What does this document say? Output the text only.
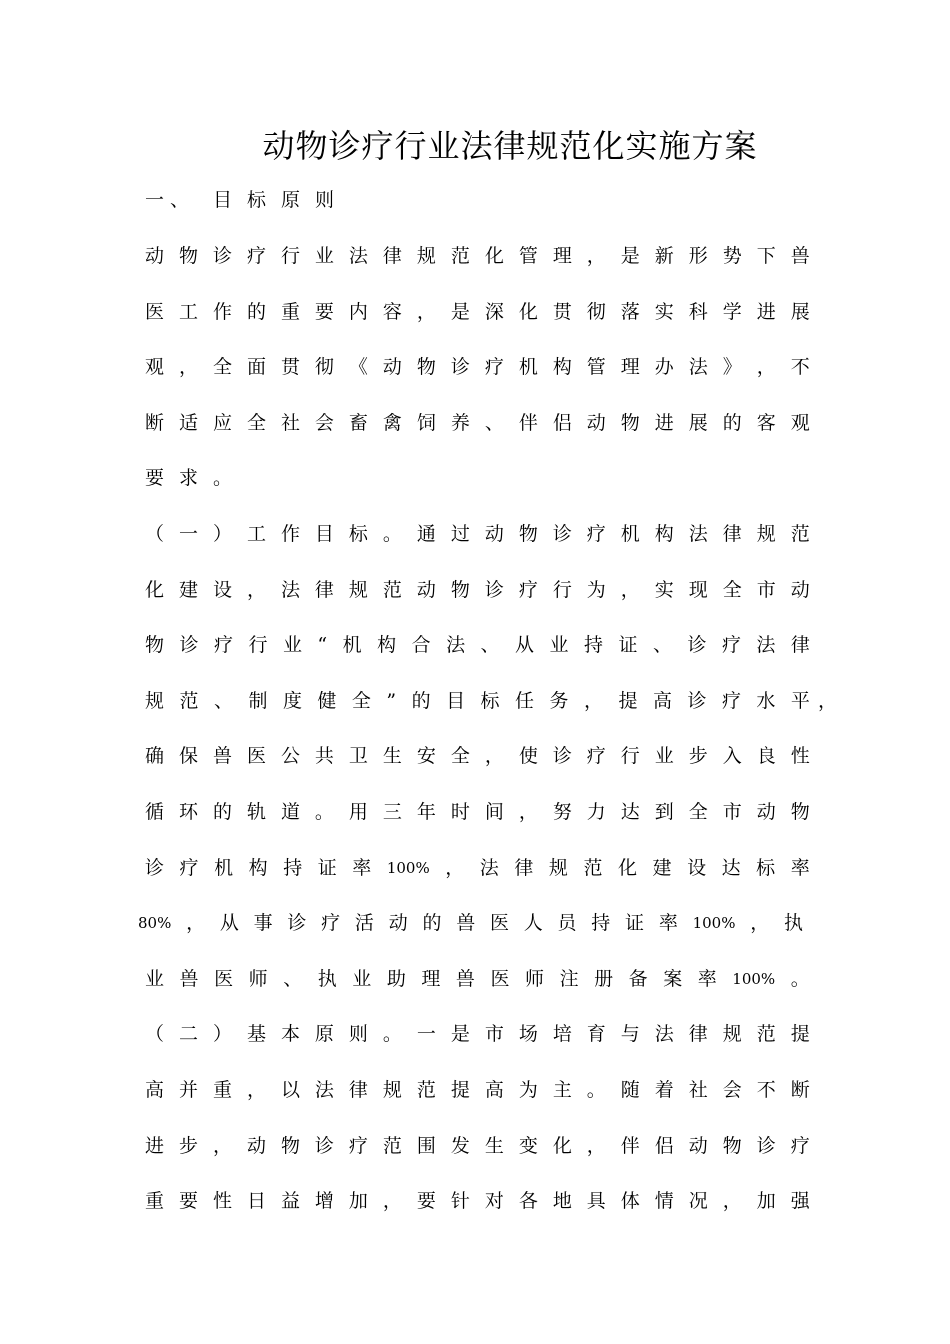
动物诊疗行业法律规范化实施方案
一、 目标原则
动 物 诊 疗 行 业 法 律 规 范 化 管 理 ， 是 新 形 势 下 兽
医 工 作 的 重 要 内 容 ， 是 深 化 贯 彻 落 实 科 学 进 展
观 ， 全 面 贯 彻 《 动 物 诊 疗 机 构 管 理 办 法 》 ， 不
断 适 应 全 社 会 畜 禽 饲 养 、 伴 侣 动 物 进 展 的 客 观
要 求 。
（ 一 ） 工 作 目 标 。 通 过 动 物 诊 疗 机 构 法 律 规 范
化 建 设 ， 法 律 规 范 动 物 诊 疗 行 为 ， 实 现 全 市 动
物 诊 疗 行 业 “ 机 构 合 法 、 从 业 持 证 、 诊 疗 法 律
规 范 、 制 度 健 全 ” 的 目 标 任 务 ， 提 高 诊 疗 水 平
确 保 兽 医 公 共 卫 生 安 全 ， 使 诊 疗 行 业 步 入 良 性
循 环 的 轨 道 。 用 三 年 时 间 ， 努 力 达 到 全 市 动 物
诊 疗 机 构 持 证 率 100% ， 法 律 规 范 化 建 设 达 标 率
80% ， 从 事 诊 疗 活 动 的 兽 医 人 员 持 证 率 100% ， 执
业 兽 医 师 、 执 业 助 理 兽 医 师 注 册 备 案 率 100% 。
（ 二 ） 基 本 原 则 。 一 是 市 场 培 育 与 法 律 规 范 提
高 并 重 ， 以 法 律 规 范 提 高 为 主 。 随 着 社 会 不 断
进 步 ， 动 物 诊 疗 范 围 发 生 变 化 ， 伴 侣 动 物 诊 疗
重 要 性 日 益 增 加 ， 要 针 对 各 地 具 体 情 况 ， 加 强
，
